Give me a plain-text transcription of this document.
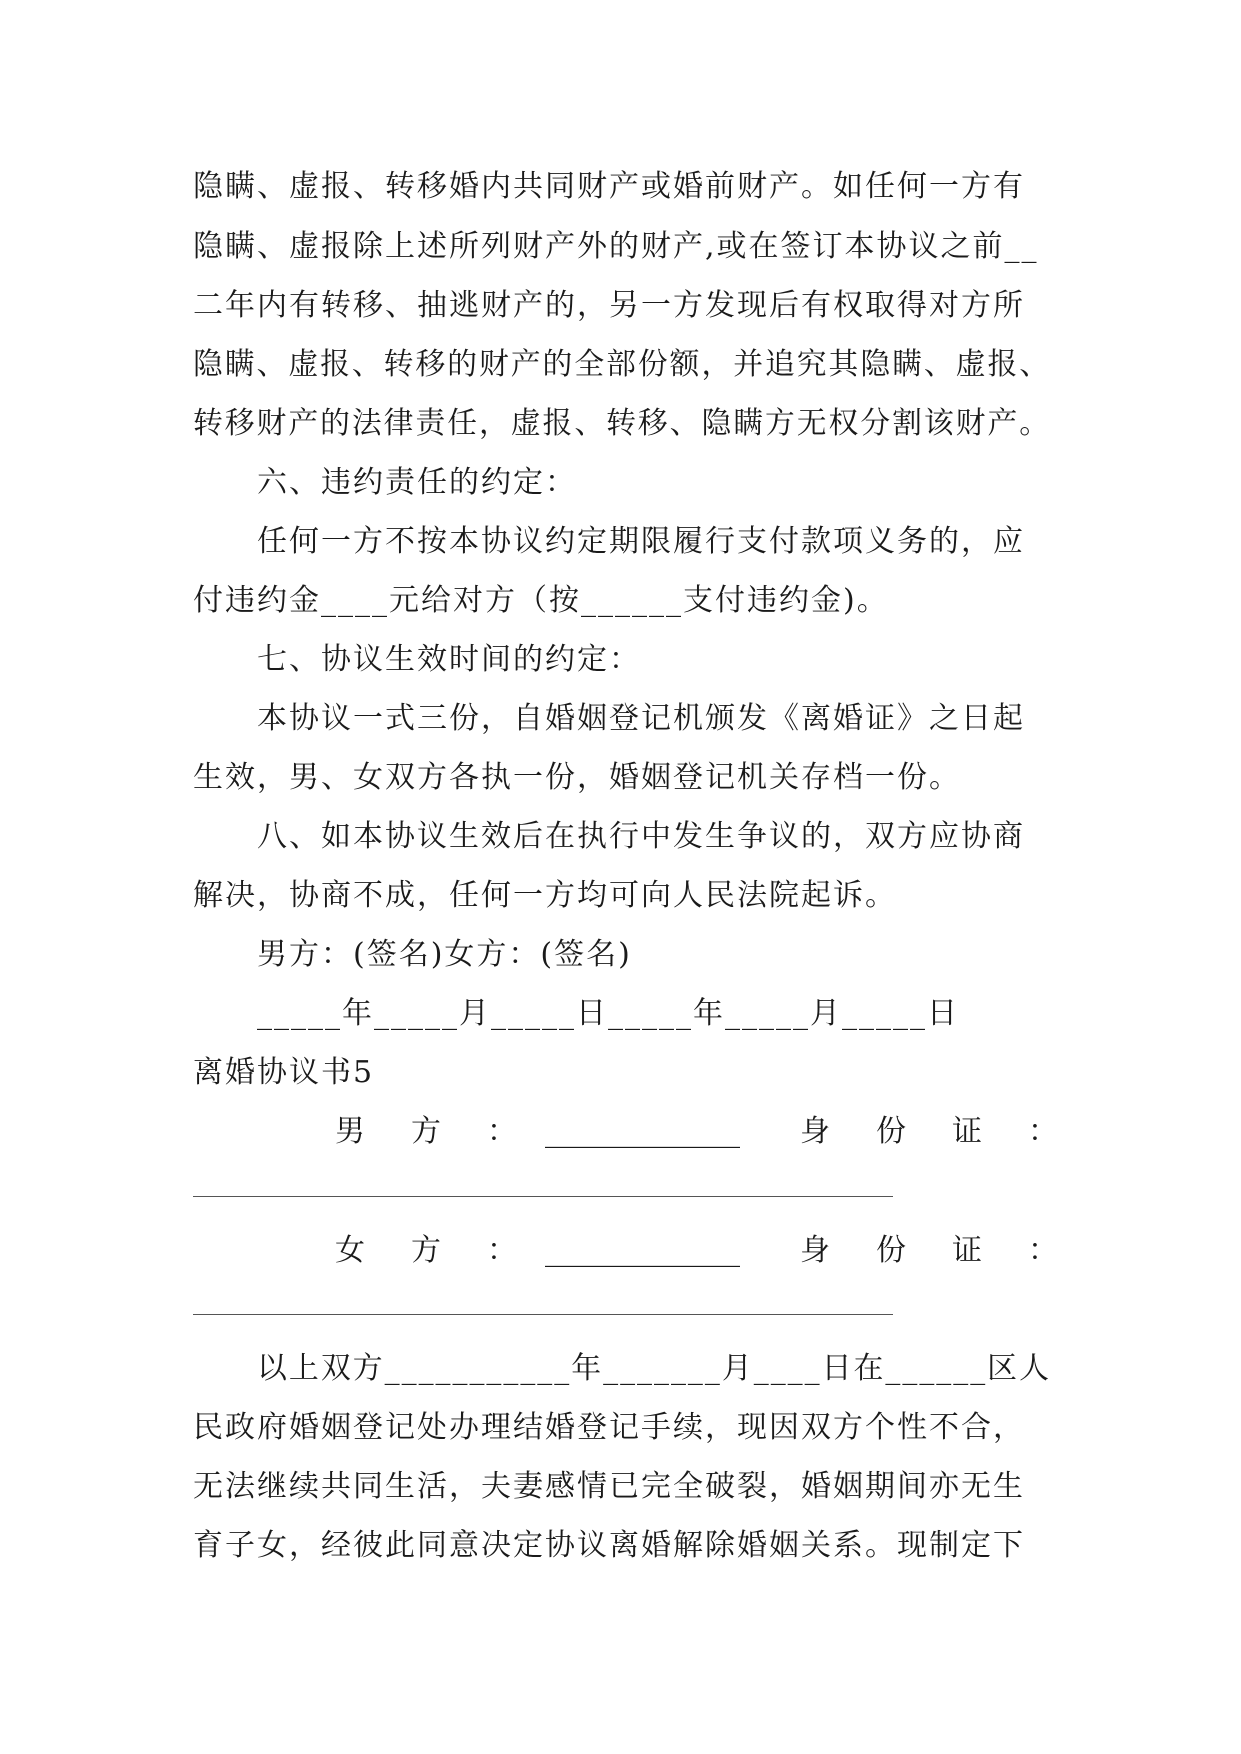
隐瞒、虚报、转移婚内共同财产或婚前财产。如任何一方有
隐瞒、虚报除上述所列财产外的财产,或在签订本协议之前__
二年内有转移、抽逃财产的，另一方发现后有权取得对方所
隐瞒、虚报、转移的财产的全部份额，并追究其隐瞒、虚报、
转移财产的法律责任，虚报、转移、隐瞒方无权分割该财产。
六、违约责任的约定：
任何一方不按本协议约定期限履行支付款项义务的，应
付违约金____元给对方（按______支付违约金)。
七、协议生效时间的约定：
本协议一式三份，自婚姻登记机颁发《离婚证》之日起
生效，男、女双方各执一份，婚姻登记机关存档一份。
八、如本协议生效后在执行中发生争议的，双方应协商
解决，协商不成，任何一方均可向人民法院起诉。
男方：(签名)女方：(签名)
_____年_____月_____日_____年_____月_____日
离婚协议书5
男　方　： _____________ 身　份　证　：
女　方　： _____________ 身　份　证　：
以上双方___________年_______月____日在______区人
民政府婚姻登记处办理结婚登记手续，现因双方个性不合，
无法继续共同生活，夫妻感情已完全破裂，婚姻期间亦无生
育子女，经彼此同意决定协议离婚解除婚姻关系。现制定下
